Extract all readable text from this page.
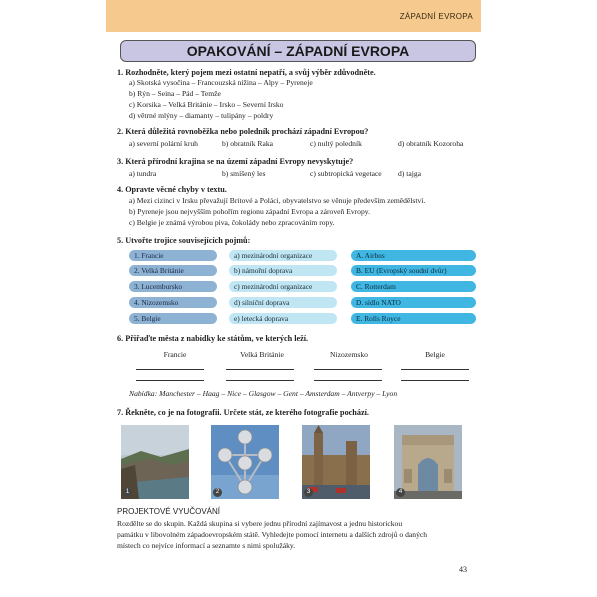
ZÁPADNÍ EVROPA
OPAKOVÁNÍ – ZÁPADNÍ EVROPA
1. Rozhodněte, který pojem mezi ostatní nepatří, a svůj výběr zdůvodněte.
a) Skotská vysočina – Francouzská nížina – Alpy – Pyreneje
b) Rýn – Seina – Pád – Temže
c) Korsika – Velká Británie – Irsko – Severní Irsko
d) větrné mlýny – diamanty – tulipány – poldry
2. Která důležitá rovnoběžka nebo poledník prochází západní Evropou?
a) severní polární kruh	b) obratník Raka	c) nultý poledník	d) obratník Kozoroha
3. Která přírodní krajina se na území západní Evropy nevyskytuje?
a) tundra	b) smíšený les	c) subtropická vegetace d) tajga
4. Opravte věcné chyby v textu.
a) Mezi cizinci v Irsku převažují Britové a Poláci, obyvatelstvo se věnuje především zemědělství.
b) Pyreneje jsou nejvyšším pohořím regionu západní Evropa a zároveň Evropy.
c) Belgie je známá výrobou piva, čokolády nebo zpracováním ropy.
5. Utvořte trojice souvisejících pojmů:
1. Francie
2. Velká Británie
3. Lucembursko
4. Nizozemsko
5. Belgie
a) mezinárodní organizace
b) námořní doprava
c) mezinárodní organizace
d) silniční doprava
e) letecká doprava
A. Airbus
B. EU (Evropský soudní dvůr)
C. Rotterdam
D. sídlo NATO
E. Rolls Royce
6. Přiřaďte města z nabídky ke státům, ve kterých leží.
Francie	Velká Británie	Nizozemsko	Belgie
Nabídka: Manchester – Haag – Nice – Glasgow – Gent – Amsterdam – Antverpy – Lyon
7. Řekněte, co je na fotografii. Určete stát, ze kterého fotografie pochází.
1	2	3	4
PROJEKTOVÉ VYUČOVÁNÍ
Rozdělte se do skupin. Každá skupina si vybere jednu přírodní zajímavost a jednu historickou
památku v libovolném západoevropském státě. Vyhledejte pomocí internetu a dalších zdrojů o daných
místech co nejvíce informací a seznamte s nimi spolužáky.
43
